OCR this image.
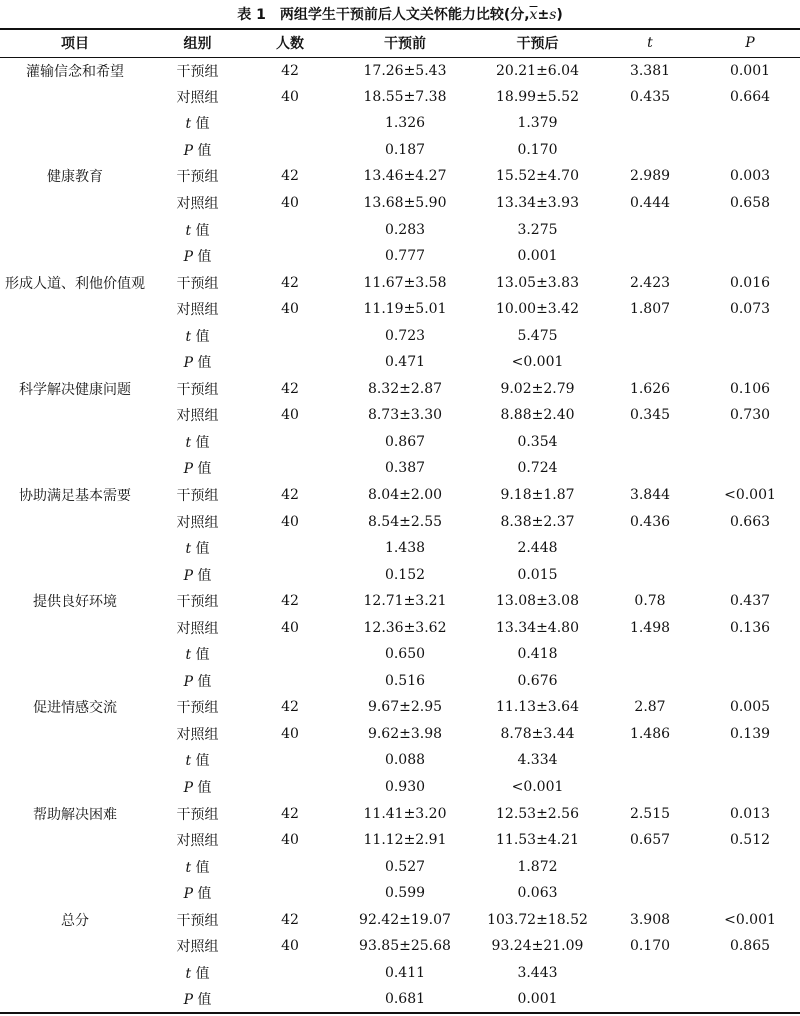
表 1 两组学生干预前后人文关怀能力比较(分$,\overline{x}\pm s$)
项目	组别	人数	干预前	干预后	t	P
灌输信念和希望	干预组	42	17.26±5.43	20.21±6.04	3.381	0.001
	对照组	40	18.55±7.38	18.99±5.52	0.435	0.664
	t 值		1.326	1.379		
	P 值		0.187	0.170		
健康教育	干预组	42	13.46±4.27	15.52±4.70	2.989	0.003
	对照组	40	13.68±5.90	13.34±3.93	0.444	0.658
	t 值		0.283	3.275		
	P 值		0.777	0.001		
形成人道、利他价值观	干预组	42	11.67±3.58	13.05±3.83	2.423	0.016
	对照组	40	11.19±5.01	10.00±3.42	1.807	0.073
	t 值		0.723	5.475		
	P 值		0.471	<0.001		
科学解决健康问题	干预组	42	8.32±2.87	9.02±2.79	1.626	0.106
	对照组	40	8.73±3.30	8.88±2.40	0.345	0.730
	t 值		0.867	0.354		
	P 值		0.387	0.724		
协助满足基本需要	干预组	42	8.04±2.00	9.18±1.87	3.844	<0.001
	对照组	40	8.54±2.55	8.38±2.37	0.436	0.663
	t 值		1.438	2.448		
	P 值		0.152	0.015		
提供良好环境	干预组	42	12.71±3.21	13.08±3.08	0.78	0.437
	对照组	40	12.36±3.62	13.34±4.80	1.498	0.136
	t 值		0.650	0.418		
	P 值		0.516	0.676		
促进情感交流	干预组	42	9.67±2.95	11.13±3.64	2.87	0.005
	对照组	40	9.62±3.98	8.78±3.44	1.486	0.139
	t 值		0.088	4.334		
	P 值		0.930	<0.001		
帮助解决困难	干预组	42	11.41±3.20	12.53±2.56	2.515	0.013
	对照组	40	11.12±2.91	11.53±4.21	0.657	0.512
	t 值		0.527	1.872		
	P 值		0.599	0.063		
总分	干预组	42	92.42±19.07	103.72±18.52	3.908	<0.001
	对照组	40	93.85±25.68	93.24±21.09	0.170	0.865
	t 值		0.411	3.443		
	P 值		0.681	0.001		
